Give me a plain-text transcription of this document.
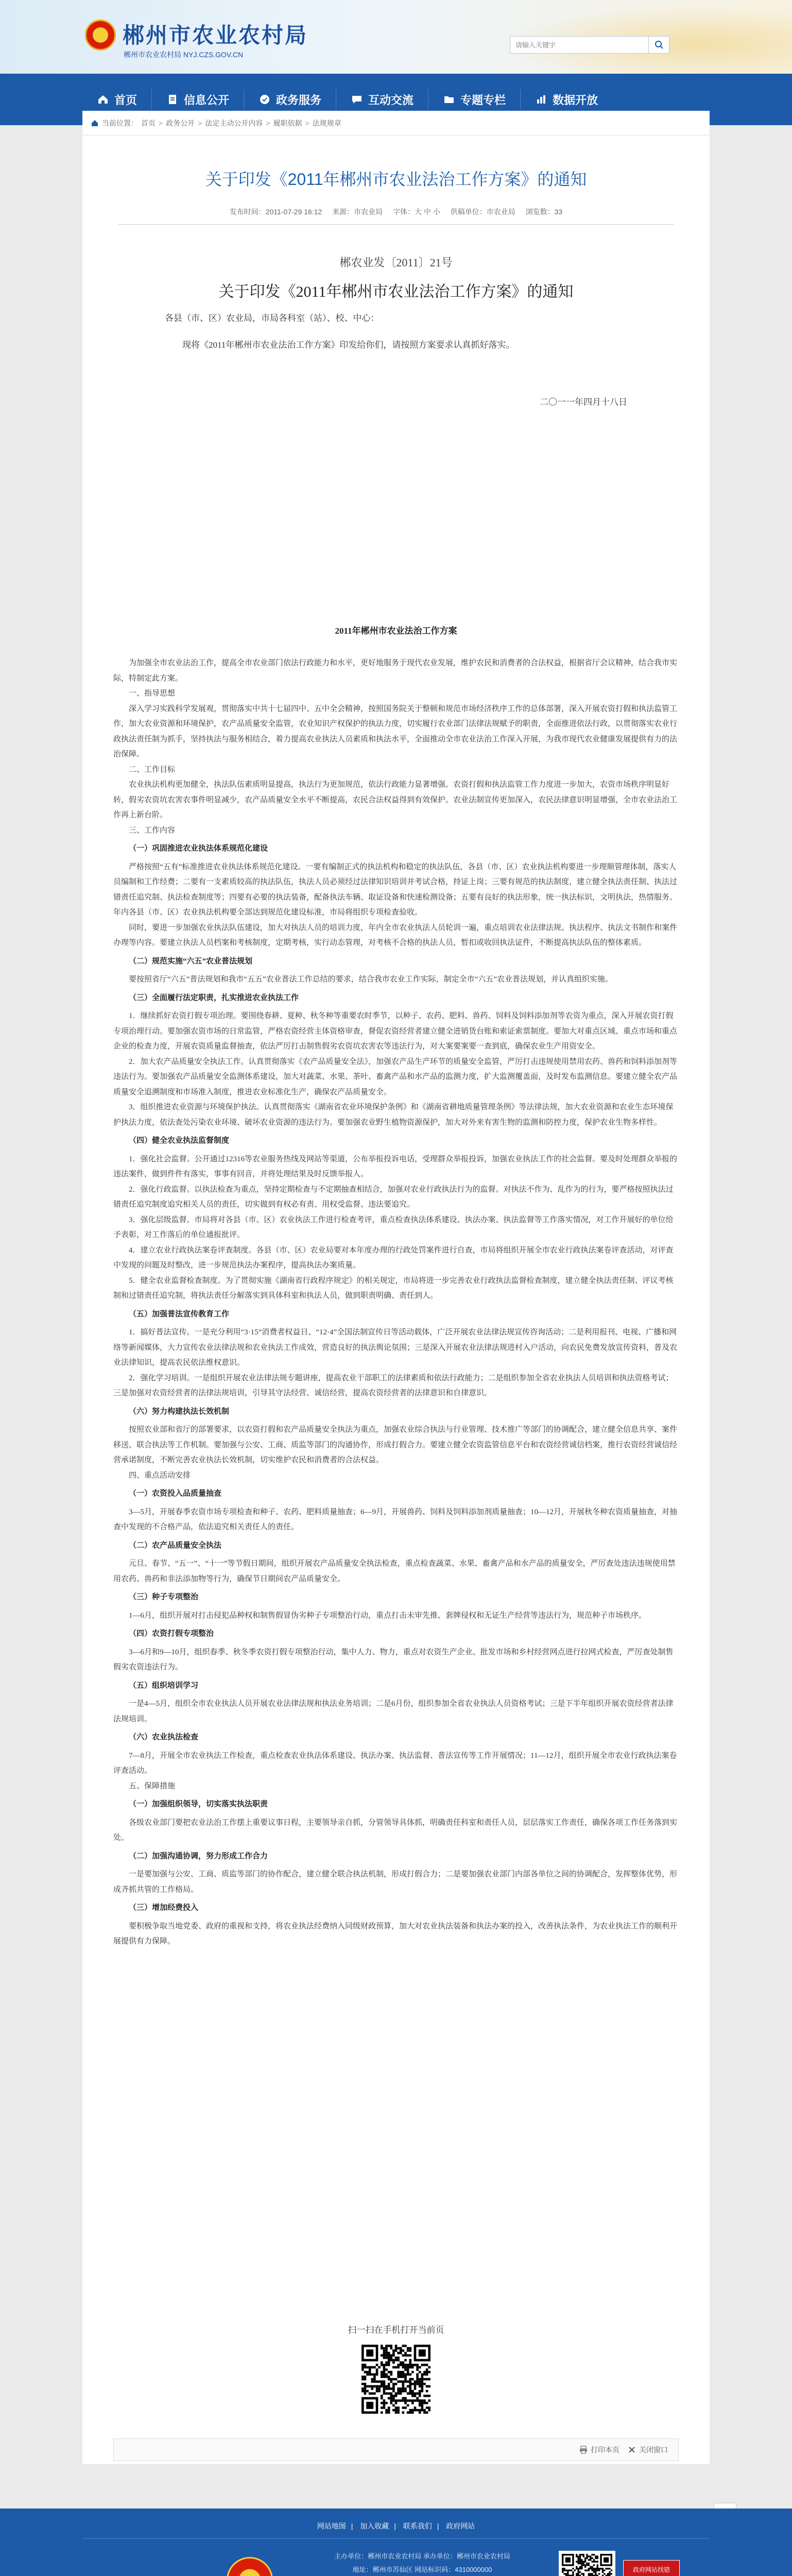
郴州市农业农村局
郴州市农业农村局 NYJ.CZS.GOV.CN
请输入关键字
首页	信息公开	政务服务	互动交流	专题专栏	数据开放
当前位置： 首页 > 政务公开 > 法定主动公开内容 > 履职依据 > 法规规章
关于印发《2011年郴州市农业法治工作方案》的通知
发布时间：2011-07-29 16:12 来源：市农业局 字体：大 中 小 供稿单位：市农业局 浏览数：33
郴农业发〔2011〕21号
关于印发《2011年郴州市农业法治工作方案》的通知
各县（市、区）农业局，市局各科室（站）、校、中心：
现将《2011年郴州市农业法治工作方案》印发给你们，请按照方案要求认真抓好落实。
二〇一一年四月十八日
2011年郴州市农业法治工作方案

为加强全市农业法治工作，提高全市农业部门依法行政能力和水平，更好地服务于现代农业发展，维护农民和消费者的合法权益，根据省厅会议精神，结合我市实际，特制定此方案。

一、指导思想

深入学习实践科学发展观，贯彻落实中共十七届四中、五中全会精神，按照国务院关于整顿和规范市场经济秩序工作的总体部署，深入开展农资打假和执法监管工作，加大农业资源和环境保护，农产品质量安全监管，农业知识产权保护的执法力度，切实履行农业部门法律法规赋予的职责，全面推进依法行政，以贯彻落实农业行政执法责任制为抓手，坚持执法与服务相结合，着力提高农业执法人员素质和执法水平，全面推动全市农业法治工作深入开展，为我市现代农业健康发展提供有力的法治保障。

二、工作目标

农业执法机构更加健全，执法队伍素质明显提高，执法行为更加规范，依法行政能力显著增强。农资打假和执法监管工作力度进一步加大，农资市场秩序明显好转，假劣农资坑农害农事件明显减少，农产品质量安全水平不断提高，农民合法权益得到有效保护。农业法制宣传更加深入，农民法律意识明显增强，全市农业法治工作再上新台阶。

三、工作内容

（一）巩固推进农业执法体系规范化建设

严格按照“五有”标准推进农业执法体系规范化建设。一要有编制正式的执法机构和稳定的执法队伍，各县（市、区）农业执法机构要进一步理顺管理体制，落实人员编制和工作经费；二要有一支素质较高的执法队伍，执法人员必须经过法律知识培训并考试合格，持证上岗；三要有规范的执法制度，建立健全执法责任制、执法过错责任追究制、执法检查制度等；四要有必要的执法装备，配备执法车辆、取证设备和快速检测设备；五要有良好的执法形象，统一执法标识，文明执法，热情服务。年内各县（市、区）农业执法机构要全部达到规范化建设标准，市局将组织专项检查验收。

同时，要进一步加强农业执法队伍建设，加大对执法人员的培训力度，年内全市农业执法人员轮训一遍，重点培训农业法律法规、执法程序、执法文书制作和案件办理等内容。要建立执法人员档案和考核制度，定期考核，实行动态管理，对考核不合格的执法人员，暂扣或收回执法证件，不断提高执法队伍的整体素质。

（二）规范实施“六五”农业普法规划

要按照省厅“六五”普法规划和我市“五五”农业普法工作总结的要求，结合我市农业工作实际，制定全市“六五”农业普法规划，并认真组织实施。

（三）全面履行法定职责，扎实推进农业执法工作

1．继续抓好农资打假专项治理。要围绕春耕、夏种、秋冬种等重要农时季节，以种子、农药、肥料、兽药、饲料及饲料添加剂等农资为重点，深入开展农资打假专项治理行动。要加强农资市场的日常监管，严格农资经营主体资格审查，督促农资经营者建立健全进销货台账和索证索票制度。要加大对重点区域、重点市场和重点企业的检查力度，开展农资质量监督抽查，依法严厉打击制售假劣农资坑农害农等违法行为，对大案要案要一查到底，确保农业生产用资安全。

2．加大农产品质量安全执法工作。认真贯彻落实《农产品质量安全法》，加强农产品生产环节的质量安全监管，严厉打击违规使用禁用农药、兽药和饲料添加剂等违法行为。要加强农产品质量安全监测体系建设，加大对蔬菜、水果、茶叶、畜禽产品和水产品的监测力度，扩大监测覆盖面，及时发布监测信息。要建立健全农产品质量安全追溯制度和市场准入制度，推进农业标准化生产，确保农产品质量安全。

3．组织推进农业资源与环境保护执法。认真贯彻落实《湖南省农业环境保护条例》和《湖南省耕地质量管理条例》等法律法规，加大农业资源和农业生态环境保护执法力度，依法查处污染农业环境、破坏农业资源的违法行为。要加强农业野生植物资源保护，加大对外来有害生物的监测和防控力度，保护农业生物多样性。

（四）健全农业执法监督制度

1．强化社会监督。公开通过12316等农业服务热线及网站等渠道，公布举报投诉电话，受理群众举报投诉，加强农业执法工作的社会监督。要及时处理群众举报的违法案件，做到件件有落实，事事有回音，并将处理结果及时反馈举报人。

2．强化行政监督。以执法检查为重点，坚持定期检查与不定期抽查相结合，加强对农业行政执法行为的监督。对执法不作为、乱作为的行为，要严格按照执法过错责任追究制度追究相关人员的责任，切实做到有权必有责、用权受监督、违法要追究。

3．强化层级监督。市局将对各县（市、区）农业执法工作进行检查考评，重点检查执法体系建设、执法办案、执法监督等工作落实情况，对工作开展好的单位给予表彰，对工作落后的单位通报批评。

4．建立农业行政执法案卷评查制度。各县（市、区）农业局要对本年度办理的行政处罚案件进行自查，市局将组织开展全市农业行政执法案卷评查活动，对评查中发现的问题及时整改，进一步规范执法办案程序，提高执法办案质量。

5．健全农业监督检查制度。为了贯彻实施《湖南省行政程序规定》的相关规定，市局将进一步完善农业行政执法监督检查制度，建立健全执法责任制、评议考核制和过错责任追究制，将执法责任分解落实到具体科室和执法人员，做到职责明确、责任到人。

（五）加强普法宣传教育工作

1．搞好普法宣传。一是充分利用“3·15”消费者权益日、“12·4”全国法制宣传日等活动载体，广泛开展农业法律法规宣传咨询活动；二是利用报刊、电视、广播和网络等新闻媒体，大力宣传农业法律法规和农业执法工作成效，营造良好的执法舆论氛围；三是深入开展农业法律法规进村入户活动，向农民免费发放宣传资料，普及农业法律知识，提高农民依法维权意识。

2．强化学习培训。一是组织开展农业法律法规专题讲座，提高农业干部职工的法律素质和依法行政能力；二是组织参加全省农业执法人员培训和执法资格考试；三是加强对农资经营者的法律法规培训，引导其守法经营、诚信经营，提高农资经营者的法律意识和自律意识。

（六）努力构建执法长效机制

按照农业部和省厅的部署要求，以农资打假和农产品质量安全执法为重点，加强农业综合执法与行业管理、技术推广等部门的协调配合，建立健全信息共享、案件移送、联合执法等工作机制。要加强与公安、工商、质监等部门的沟通协作，形成打假合力。要建立健全农资监管信息平台和农资经营诚信档案，推行农资经营诚信经营承诺制度，不断完善农业执法长效机制，切实维护农民和消费者的合法权益。

四、重点活动安排

（一）农资投入品质量抽查

3—5月，开展春季农资市场专项检查和种子、农药、肥料质量抽查；6—9月，开展兽药、饲料及饲料添加剂质量抽查；10—12月，开展秋冬种农资质量抽查，对抽查中发现的不合格产品，依法追究相关责任人的责任。

（二）农产品质量安全执法

元旦、春节、“五一”、“十一”等节假日期间，组织开展农产品质量安全执法检查，重点检查蔬菜、水果、畜禽产品和水产品的质量安全，严厉查处违法违规使用禁用农药、兽药和非法添加物等行为，确保节日期间农产品质量安全。

（三）种子专项整治

1—6月，组织开展对打击侵犯品种权和制售假冒伪劣种子专项整治行动，重点打击未审先推、套牌侵权和无证生产经营等违法行为，规范种子市场秩序。

（四）农资打假专项整治

3—6月和9—10月，组织春季、秋冬季农资打假专项整治行动，集中人力、物力，重点对农资生产企业、批发市场和乡村经营网点进行拉网式检查，严厉查处制售假劣农资违法行为。

（五）组织培训学习

一是4—5月，组织全市农业执法人员开展农业法律法规和执法业务培训；二是6月份，组织参加全省农业执法人员资格考试；三是下半年组织开展农资经营者法律法规培训。

（六）农业执法检查

7—8月，开展全市农业执法工作检查，重点检查农业执法体系建设、执法办案、执法监督、普法宣传等工作开展情况；11—12月，组织开展全市农业行政执法案卷评查活动。

五、保障措施

（一）加强组织领导，切实落实执法职责

各级农业部门要把农业法治工作摆上重要议事日程，主要领导亲自抓，分管领导具体抓，明确责任科室和责任人员，层层落实工作责任，确保各项工作任务落到实处。

（二）加强沟通协调，努力形成工作合力

一是要加强与公安、工商、质监等部门的协作配合，建立健全联合执法机制，形成打假合力；二是要加强农业部门内部各单位之间的协调配合，发挥整体优势，形成齐抓共管的工作格局。

（三）增加经费投入

要积极争取当地党委、政府的重视和支持，将农业执法经费纳入同级财政预算，加大对农业执法装备和执法办案的投入，改善执法条件，为农业执法工作的顺利开展提供有力保障。

扫一扫在手机打开当前页
打印本页	关闭窗口
网站地图 | 加入收藏 | 联系我们 | 政府网站
主办单位：郴州市农业农村局 承办单位：郴州市农业农村局
地址：郴州市苏仙区 网站标识码：4310000000	政府网站找错
